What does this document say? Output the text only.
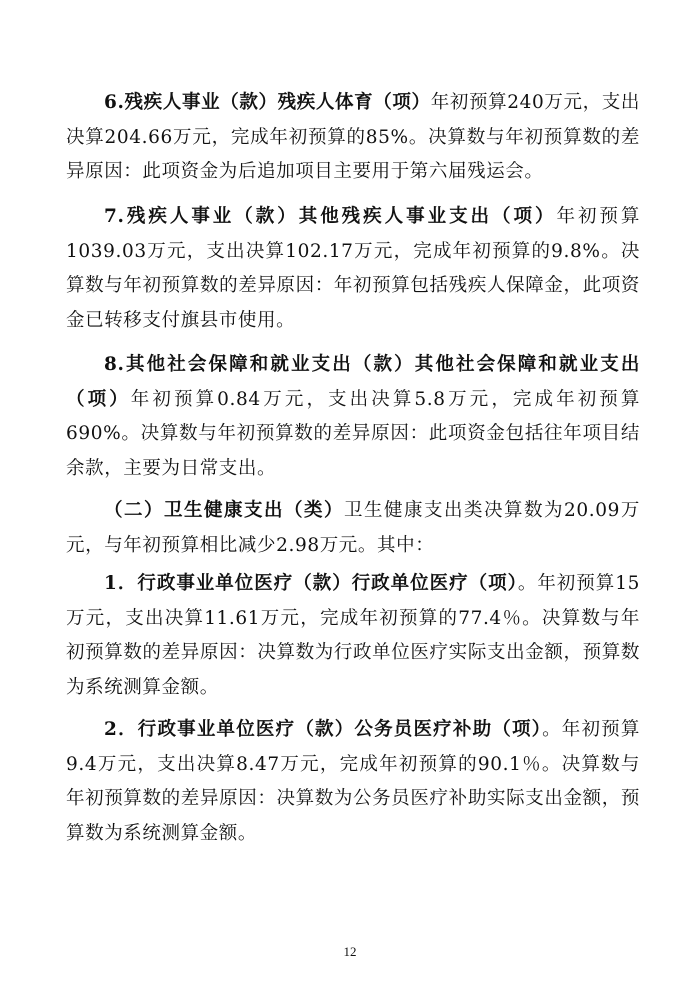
6.残疾人事业（款）残疾人体育（项）年初预算240万元，支出决算204.66万元，完成年初预算的85%。决算数与年初预算数的差异原因：此项资金为后追加项目主要用于第六届残运会。

7.残疾人事业（款）其他残疾人事业支出（项）年初预算1039.03万元，支出决算102.17万元，完成年初预算的9.8%。决算数与年初预算数的差异原因：年初预算包括残疾人保障金，此项资金已转移支付旗县市使用。

8.其他社会保障和就业支出（款）其他社会保障和就业支出（项）年初预算0.84万元，支出决算5.8万元，完成年初预算690%。决算数与年初预算数的差异原因：此项资金包括往年项目结余款，主要为日常支出。

（二）卫生健康支出（类）卫生健康支出类决算数为20.09万元，与年初预算相比减少2.98万元。其中：

1．行政事业单位医疗（款）行政单位医疗（项）。年初预算15万元，支出决算11.61万元，完成年初预算的77.4％。决算数与年初预算数的差异原因：决算数为行政单位医疗实际支出金额，预算数为系统测算金额。

2．行政事业单位医疗（款）公务员医疗补助（项）。年初预算9.4万元，支出决算8.47万元，完成年初预算的90.1％。决算数与年初预算数的差异原因：决算数为公务员医疗补助实际支出金额，预算数为系统测算金额。

12
